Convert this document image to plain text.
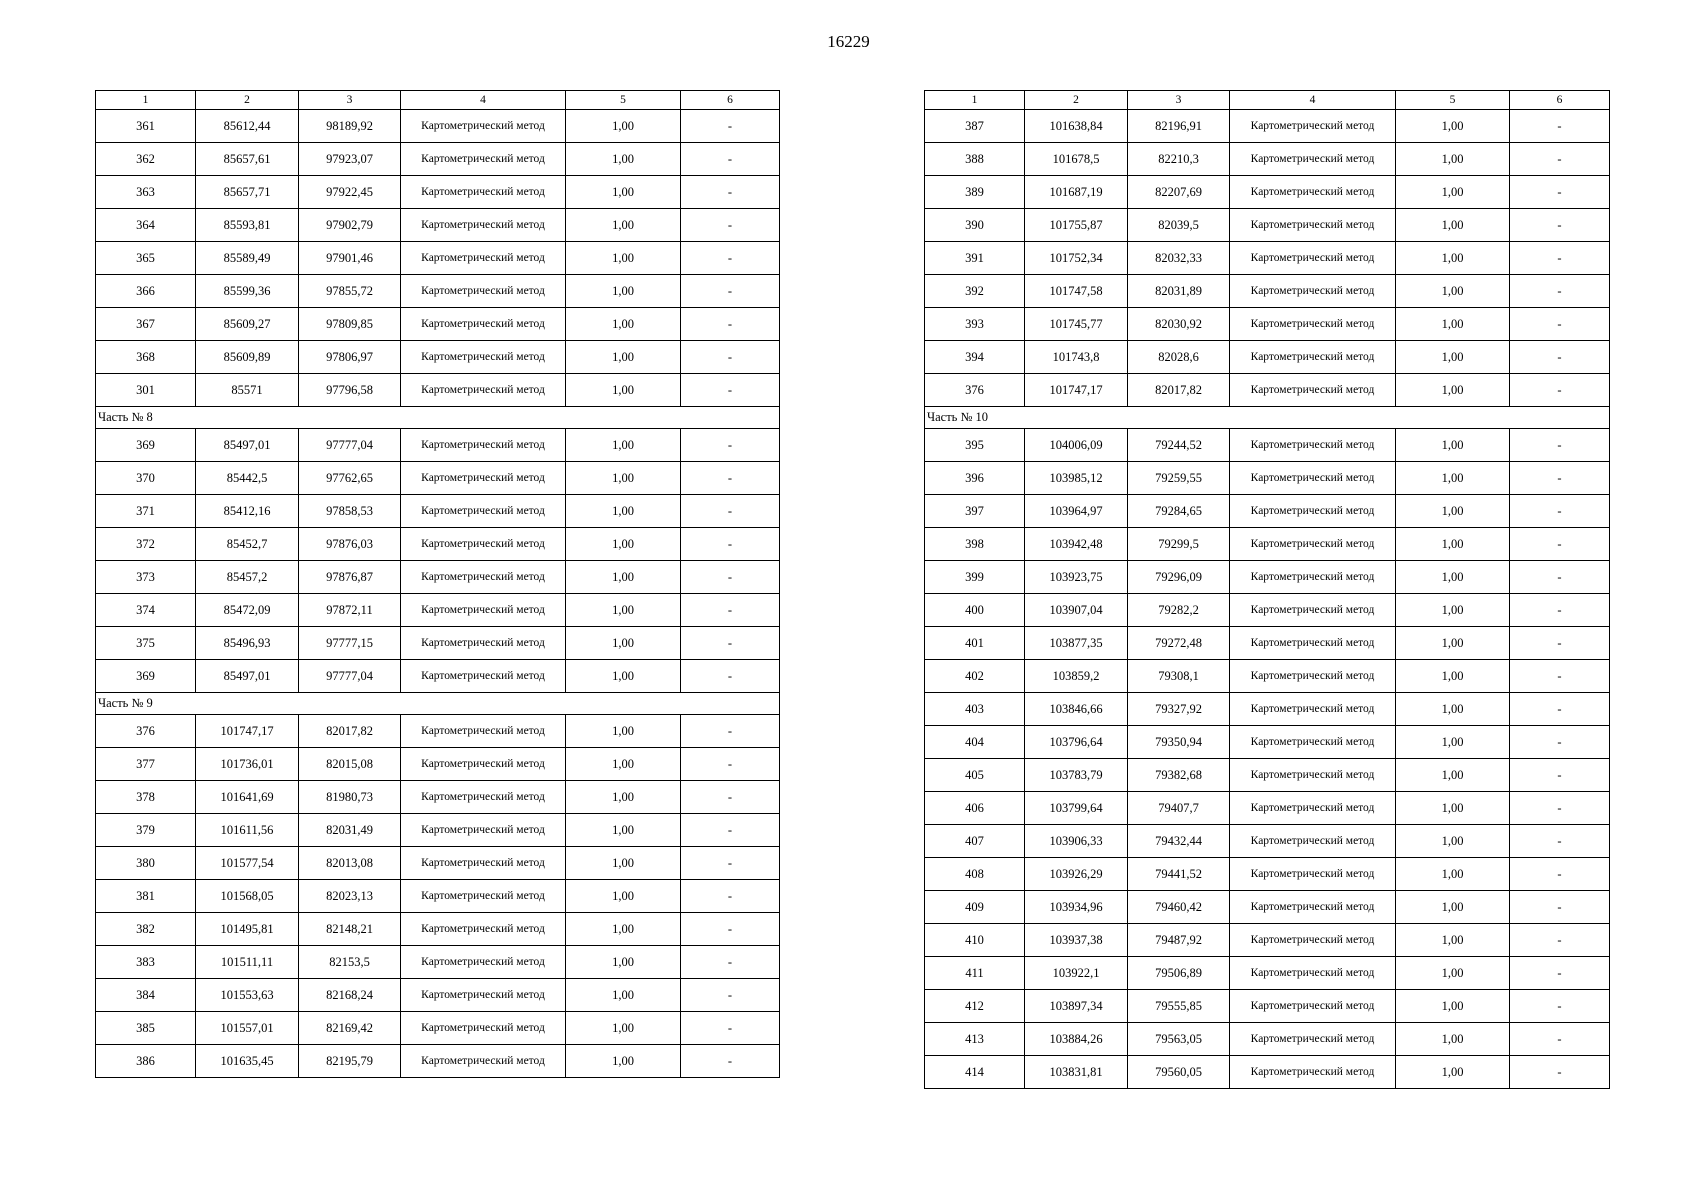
16229
1	2	3	4	5	6
361	85612,44	98189,92	Картометрический метод	1,00	-
362	85657,61	97923,07	Картометрический метод	1,00	-
363	85657,71	97922,45	Картометрический метод	1,00	-
364	85593,81	97902,79	Картометрический метод	1,00	-
365	85589,49	97901,46	Картометрический метод	1,00	-
366	85599,36	97855,72	Картометрический метод	1,00	-
367	85609,27	97809,85	Картометрический метод	1,00	-
368	85609,89	97806,97	Картометрический метод	1,00	-
301	85571	97796,58	Картометрический метод	1,00	-
Часть № 8					
369	85497,01	97777,04	Картометрический метод	1,00	-
370	85442,5	97762,65	Картометрический метод	1,00	-
371	85412,16	97858,53	Картометрический метод	1,00	-
372	85452,7	97876,03	Картометрический метод	1,00	-
373	85457,2	97876,87	Картометрический метод	1,00	-
374	85472,09	97872,11	Картометрический метод	1,00	-
375	85496,93	97777,15	Картометрический метод	1,00	-
369	85497,01	97777,04	Картометрический метод	1,00	-
Часть № 9					
376	101747,17	82017,82	Картометрический метод	1,00	-
377	101736,01	82015,08	Картометрический метод	1,00	-
378	101641,69	81980,73	Картометрический метод	1,00	-
379	101611,56	82031,49	Картометрический метод	1,00	-
380	101577,54	82013,08	Картометрический метод	1,00	-
381	101568,05	82023,13	Картометрический метод	1,00	-
382	101495,81	82148,21	Картометрический метод	1,00	-
383	101511,11	82153,5	Картометрический метод	1,00	-
384	101553,63	82168,24	Картометрический метод	1,00	-
385	101557,01	82169,42	Картометрический метод	1,00	-
386	101635,45	82195,79	Картометрический метод	1,00	-
1	2	3	4	5	6
387	101638,84	82196,91	Картометрический метод	1,00	-
388	101678,5	82210,3	Картометрический метод	1,00	-
389	101687,19	82207,69	Картометрический метод	1,00	-
390	101755,87	82039,5	Картометрический метод	1,00	-
391	101752,34	82032,33	Картометрический метод	1,00	-
392	101747,58	82031,89	Картометрический метод	1,00	-
393	101745,77	82030,92	Картометрический метод	1,00	-
394	101743,8	82028,6	Картометрический метод	1,00	-
376	101747,17	82017,82	Картометрический метод	1,00	-
Часть № 10					
395	104006,09	79244,52	Картометрический метод	1,00	-
396	103985,12	79259,55	Картометрический метод	1,00	-
397	103964,97	79284,65	Картометрический метод	1,00	-
398	103942,48	79299,5	Картометрический метод	1,00	-
399	103923,75	79296,09	Картометрический метод	1,00	-
400	103907,04	79282,2	Картометрический метод	1,00	-
401	103877,35	79272,48	Картометрический метод	1,00	-
402	103859,2	79308,1	Картометрический метод	1,00	-
403	103846,66	79327,92	Картометрический метод	1,00	-
404	103796,64	79350,94	Картометрический метод	1,00	-
405	103783,79	79382,68	Картометрический метод	1,00	-
406	103799,64	79407,7	Картометрический метод	1,00	-
407	103906,33	79432,44	Картометрический метод	1,00	-
408	103926,29	79441,52	Картометрический метод	1,00	-
409	103934,96	79460,42	Картометрический метод	1,00	-
410	103937,38	79487,92	Картометрический метод	1,00	-
411	103922,1	79506,89	Картометрический метод	1,00	-
412	103897,34	79555,85	Картометрический метод	1,00	-
413	103884,26	79563,05	Картометрический метод	1,00	-
414	103831,81	79560,05	Картометрический метод	1,00	-
